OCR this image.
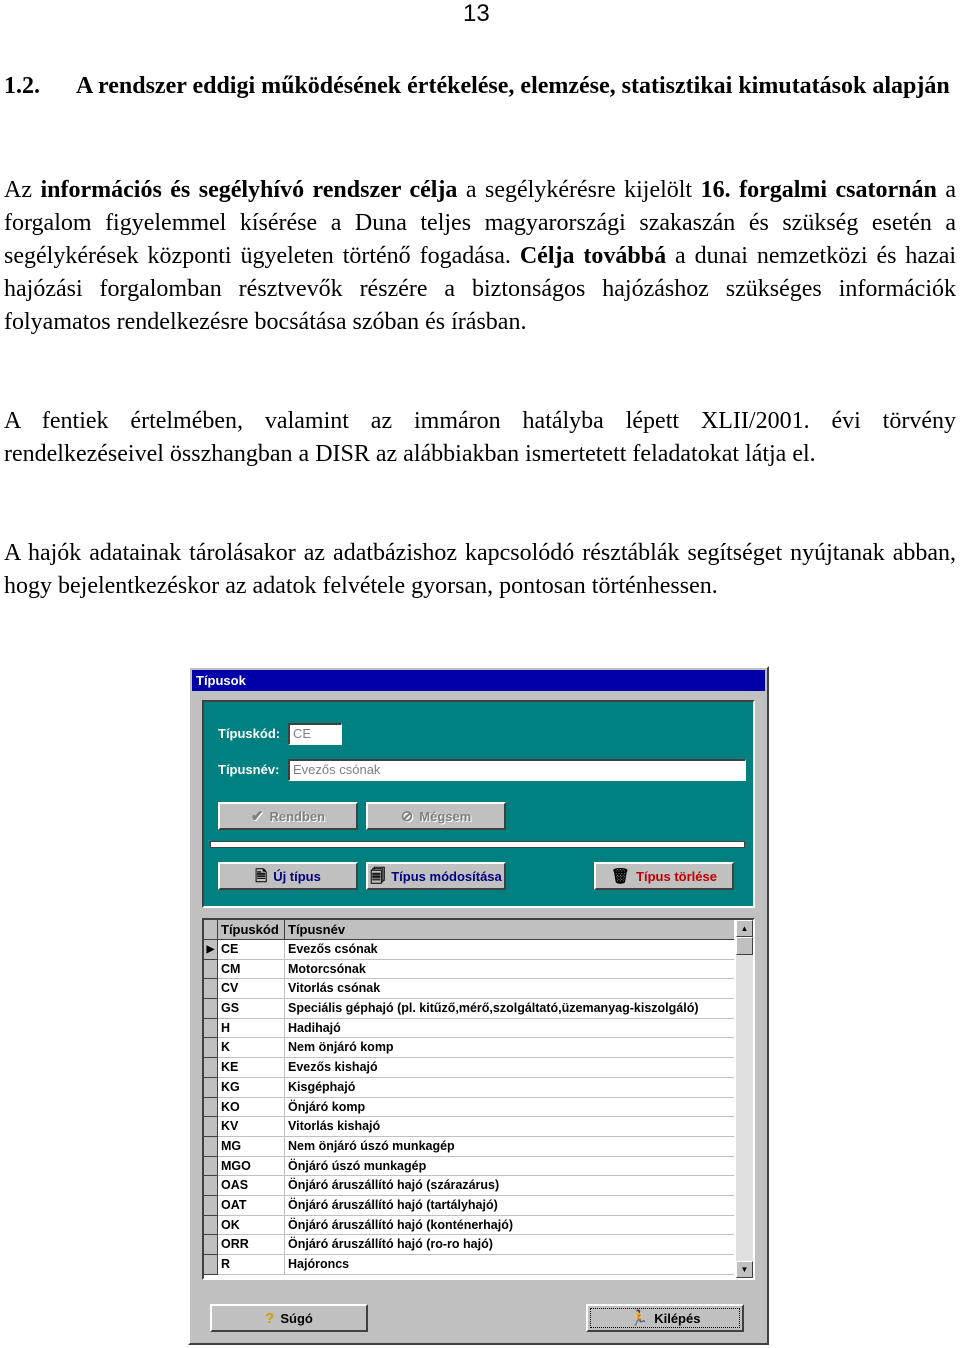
13
1.2. A rendszer eddigi működésének értékelése, elemzése, statisztikai kimutatások alapján
Az információs és segélyhívó rendszer célja a segélykérésre kijelölt 16. forgalmi csatornán a forgalom figyelemmel kísérése a Duna teljes magyarországi szakaszán és szükség esetén a segélykérések központi ügyeleten történő fogadása. Célja továbbá a dunai nemzetközi és hazai hajózási forgalomban résztvevők részére a biztonságos hajózáshoz szükséges információk folyamatos rendelkezésre bocsátása szóban és írásban.
A fentiek értelmében, valamint az immáron hatályba lépett XLII/2001. évi törvény rendelkezéseivel összhangban a DISR az alábbiakban ismertetett feladatokat látja el.
A hajók adatainak tárolásakor az adatbázishoz kapcsolódó résztáblák segítséget nyújtanak abban, hogy bejelentkezéskor az adatok felvétele gyorsan, pontosan történhessen.
Típusok
Típuskód: CE
Típusnév:	Evezős csónak
✔ Rendben	⊘ Mégsem
🗎 Új típus	🗐 Típus módosítása	🗑 Típus törlése
Típuskód Típusnév
▶ CE	Evezős csónak
CM	Motorcsónak
CV	Vitorlás csónak
GS	Speciális géphajó (pl. kitűző,mérő,szolgáltató,üzemanyag-kiszolgáló)
H	Hadihajó
K	Nem önjáró komp
KE	Evezős kishajó
KG	Kisgéphajó
KO	Önjáró komp
KV	Vitorlás kishajó
MG	Nem önjáró úszó munkagép
MGO	Önjáró úszó munkagép
OAS	Önjáró áruszállító hajó (szárazárus)
OAT	Önjáró áruszállító hajó (tartályhajó)
OK	Önjáró áruszállító hajó (konténerhajó)
ORR	Önjáró áruszállító hajó (ro-ro hajó)
R	Hajóroncs
▲
▼
? Súgó	🏃 Kilépés
